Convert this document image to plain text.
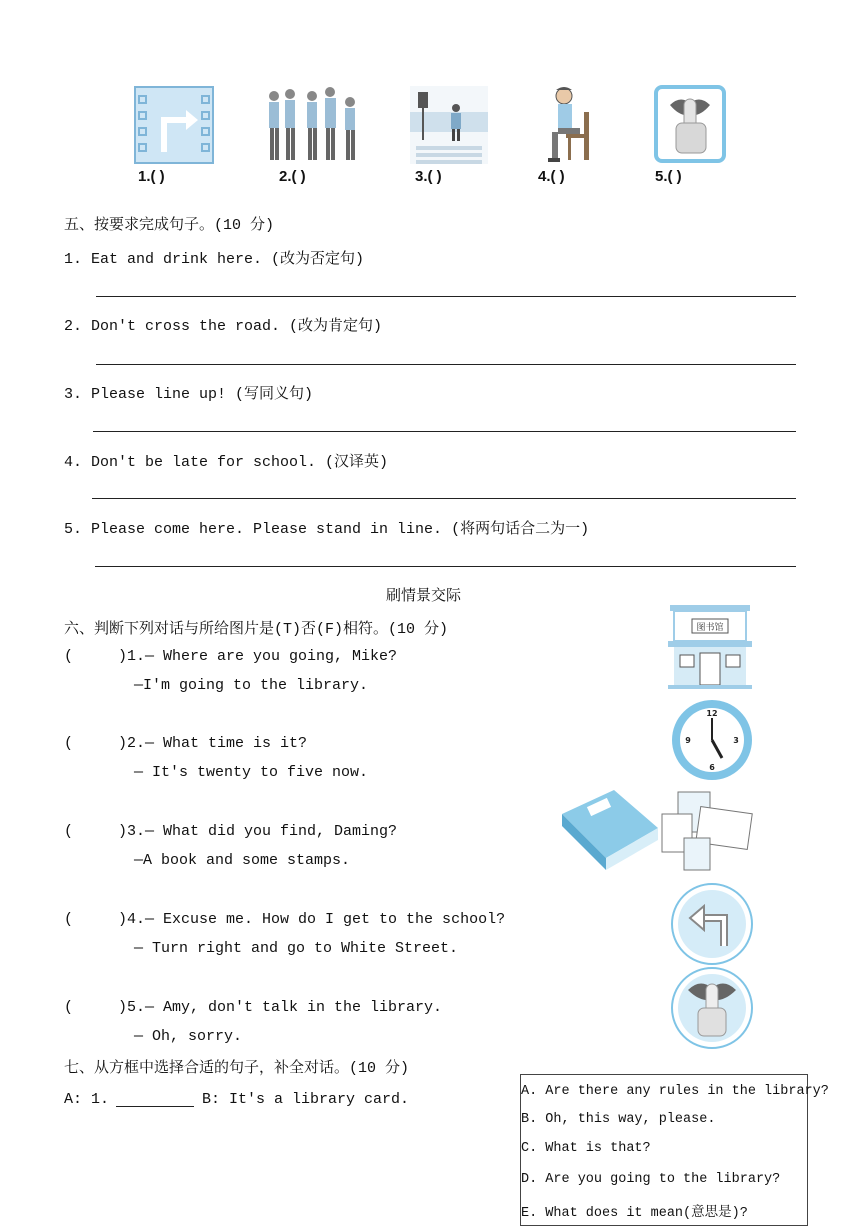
1.( )	2.( )	3.( )	4.( )	5.( )
五、按要求完成句子。(10 分)
1. Eat and drink here. (改为否定句)
2. Don't cross the road. (改为肯定句)
3. Please line up! (写同义句)
4. Don't be late for school. (汉译英)
5. Please come here. Please stand in line. (将两句话合二为一)
刷情景交际
六、判断下列对话与所给图片是(T)否(F)相符。(10 分)
(     )1.— Where are you going, Mike?
—I'm going to the library.
(     )2.— What time is it?
— It's twenty to five now.
(     )3.— What did you find, Daming?
—A book and some stamps.
(     )4.— Excuse me. How do I get to the school?
— Turn right and go to White Street.
(     )5.— Amy, don't talk in the library.
— Oh, sorry.
图书馆
12
3
6
9
七、从方框中选择合适的句子，补全对话。(10 分)
A: 1.	B: It's a library card.	A. Are there any rules in the library?
B. Oh, this way, please.
C. What is that?
D. Are you going to the library?
E. What does it mean(意思是)?
